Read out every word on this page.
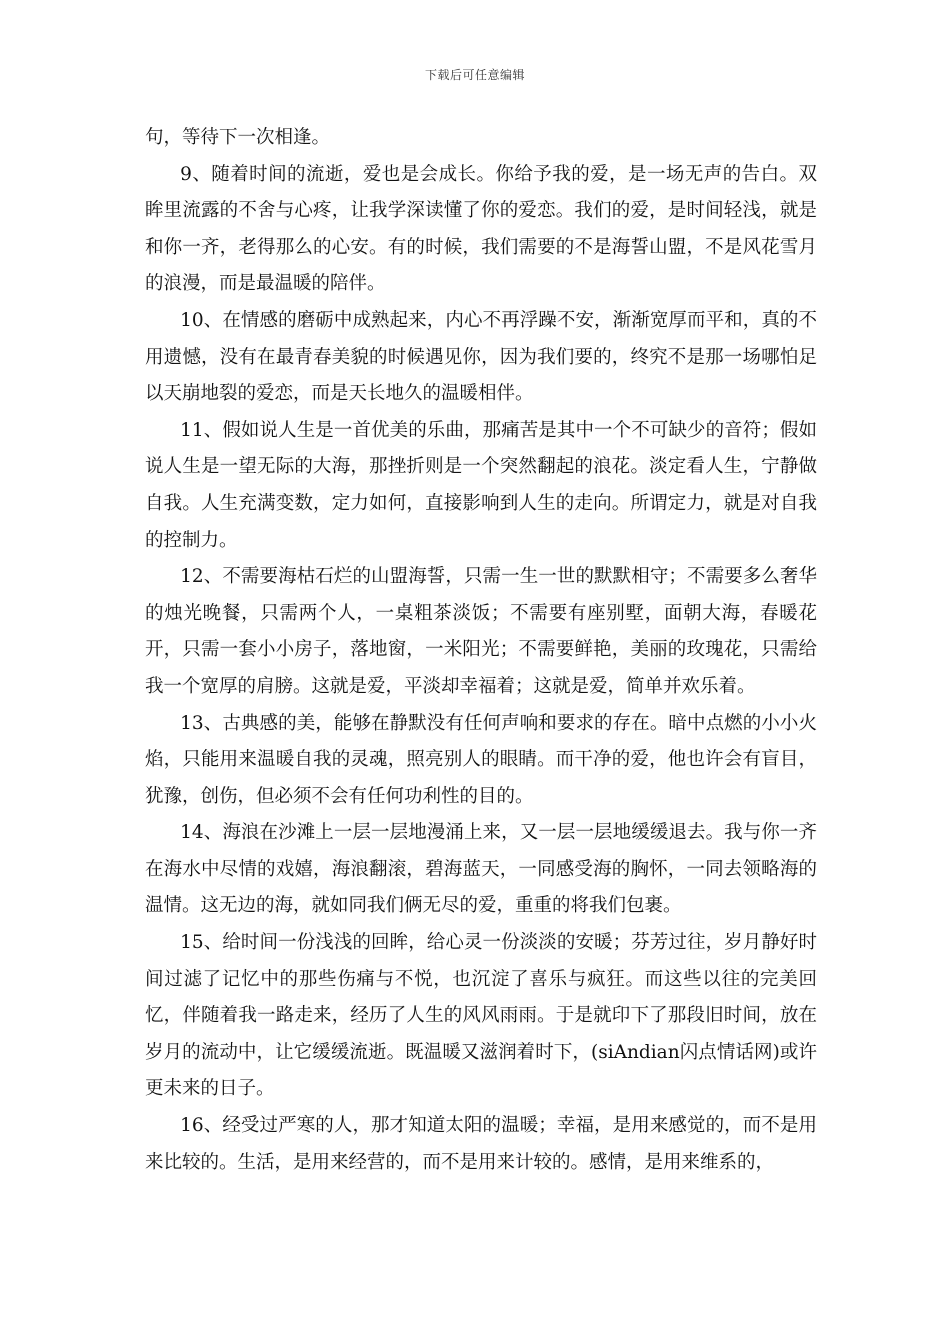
下载后可任意编辑

句，等待下一次相逢。

9、随着时间的流逝，爱也是会成长。你给予我的爱，是一场无声的告白。双眸里流露的不舍与心疼，让我学深读懂了你的爱恋。我们的爱，是时间轻浅，就是和你一齐，老得那么的心安。有的时候，我们需要的不是海誓山盟，不是风花雪月的浪漫，而是最温暖的陪伴。

10、在情感的磨砺中成熟起来，内心不再浮躁不安，渐渐宽厚而平和，真的不用遗憾，没有在最青春美貌的时候遇见你，因为我们要的，终究不是那一场哪怕足以天崩地裂的爱恋，而是天长地久的温暖相伴。

11、假如说人生是一首优美的乐曲，那痛苦是其中一个不可缺少的音符；假如说人生是一望无际的大海，那挫折则是一个突然翻起的浪花。淡定看人生，宁静做自我。人生充满变数，定力如何，直接影响到人生的走向。所谓定力，就是对自我的控制力。

12、不需要海枯石烂的山盟海誓，只需一生一世的默默相守；不需要多么奢华的烛光晚餐，只需两个人，一桌粗茶淡饭；不需要有座别墅，面朝大海，春暖花开，只需一套小小房子，落地窗，一米阳光；不需要鲜艳，美丽的玫瑰花，只需给我一个宽厚的肩膀。这就是爱，平淡却幸福着；这就是爱，简单并欢乐着。

13、古典感的美，能够在静默没有任何声响和要求的存在。暗中点燃的小小火焰，只能用来温暖自我的灵魂，照亮别人的眼睛。而干净的爱，他也许会有盲目，犹豫，创伤，但必须不会有任何功利性的目的。

14、海浪在沙滩上一层一层地漫涌上来，又一层一层地缓缓退去。我与你一齐在海水中尽情的戏嬉，海浪翻滚，碧海蓝天，一同感受海的胸怀，一同去领略海的温情。这无边的海，就如同我们俩无尽的爱，重重的将我们包裹。

15、给时间一份浅浅的回眸，给心灵一份淡淡的安暖；芬芳过往，岁月静好时间过滤了记忆中的那些伤痛与不悦，也沉淀了喜乐与疯狂。而这些以往的完美回忆，伴随着我一路走来，经历了人生的风风雨雨。于是就印下了那段旧时间，放在岁月的流动中，让它缓缓流逝。既温暖又滋润着时下，(siAndian闪点情话网)或许更未来的日子。

16、经受过严寒的人，那才知道太阳的温暖；幸福，是用来感觉的，而不是用来比较的。生活，是用来经营的，而不是用来计较的。感情，是用来维系的，
